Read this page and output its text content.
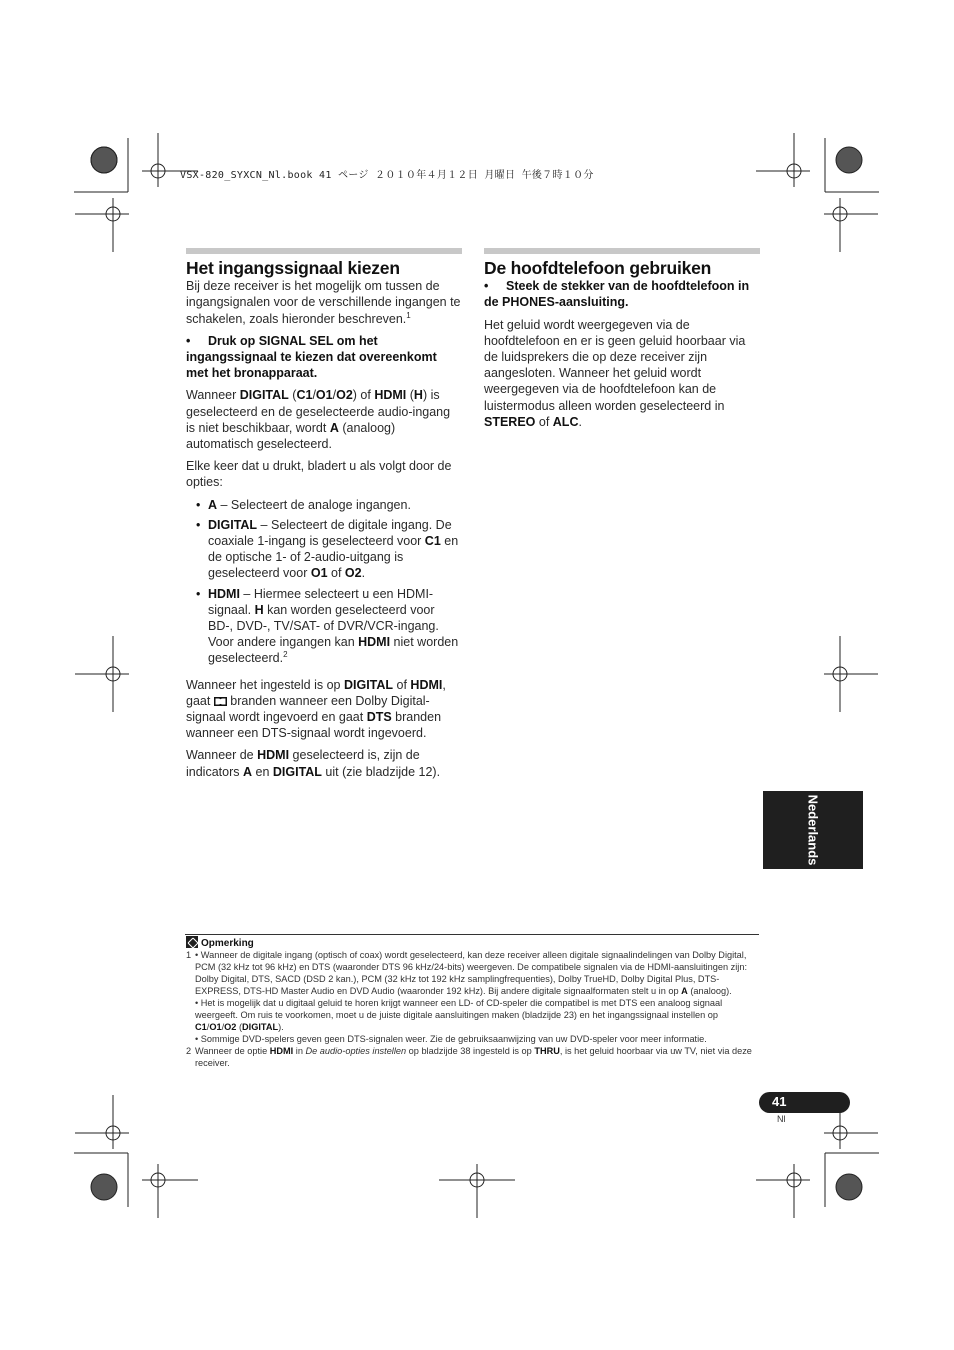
VSX-820_SYXCN_Nl.book 41 ページ ２０１０年４月１２日 月曜日 午後７時１０分
Het ingangssignaal kiezen

Bij deze receiver is het mogelijk om tussen de ingangsignalen voor de verschillende ingangen te schakelen, zoals hieronder beschreven.$^1$

• Druk op SIGNAL SEL om het ingangssignaal te kiezen dat overeenkomt met het bronapparaat.

Wanneer DIGITAL (C1/O1/O2) of HDMI (H) is geselecteerd en de geselecteerde audio-ingang is niet beschikbaar, wordt A (analoog) automatisch geselecteerd.

Elke keer dat u drukt, bladert u als volgt door de opties:

• A – Selecteert de analoge ingangen.
• DIGITAL – Selecteert de digitale ingang. De coaxiale 1-ingang is geselecteerd voor C1 en de optische 1- of 2-audio-uitgang is geselecteerd voor O1 of O2.
• HDMI – Hiermee selecteert u een HDMI-signaal. H kan worden geselecteerd voor BD-, DVD-, TV/SAT- of DVR/VCR-ingang. Voor andere ingangen kan HDMI niet worden geselecteerd.$^2$

Wanneer het ingesteld is op DIGITAL of HDMI, gaat  branden wanneer een Dolby Digital-signaal wordt ingevoerd en gaat DTS branden wanneer een DTS-signaal wordt ingevoerd.

Wanneer de HDMI geselecteerd is, zijn de indicators A en DIGITAL uit (zie bladzijde 12).

De hoofdtelefoon gebruiken

• Steek de stekker van de hoofdtelefoon in de PHONES-aansluiting.

Het geluid wordt weergegeven via de hoofdtelefoon en er is geen geluid hoorbaar via de luidsprekers die op deze receiver zijn aangesloten. Wanneer het geluid wordt weergegeven via de hoofdtelefoon kan de luistermodus alleen worden geselecteerd in STEREO of ALC.

Nederlands
Opmerking
1 • Wanneer de digitale ingang (optisch of coax) wordt geselecteerd, kan deze receiver alleen digitale signaalindelingen van Dolby Digital, PCM (32 kHz tot 96 kHz) en DTS (waaronder DTS 96 kHz/24-bits) weergeven. De compatibele signalen via de HDMI-aansluitingen zijn: Dolby Digital, DTS, SACD (DSD 2 kan.), PCM (32 kHz tot 192 kHz samplingfrequenties), Dolby TrueHD, Dolby Digital Plus, DTS-EXPRESS, DTS-HD Master Audio en DVD Audio (waaronder 192 kHz). Bij andere digitale signaalformaten stelt u in op A (analoog).
• Het is mogelijk dat u digitaal geluid te horen krijgt wanneer een LD- of CD-speler die compatibel is met DTS een analoog signaal weergeeft. Om ruis te voorkomen, moet u de juiste digitale aansluitingen maken (bladzijde 23) en het ingangssignaal instellen op C1/O1/O2 (DIGITAL).
• Sommige DVD-spelers geven geen DTS-signalen weer. Zie de gebruiksaanwijzing van uw DVD-speler voor meer informatie.
2 Wanneer de optie HDMI in De audio-opties instellen op bladzijde 38 ingesteld is op THRU, is het geluid hoorbaar via uw TV, niet via deze receiver.
41
Nl
